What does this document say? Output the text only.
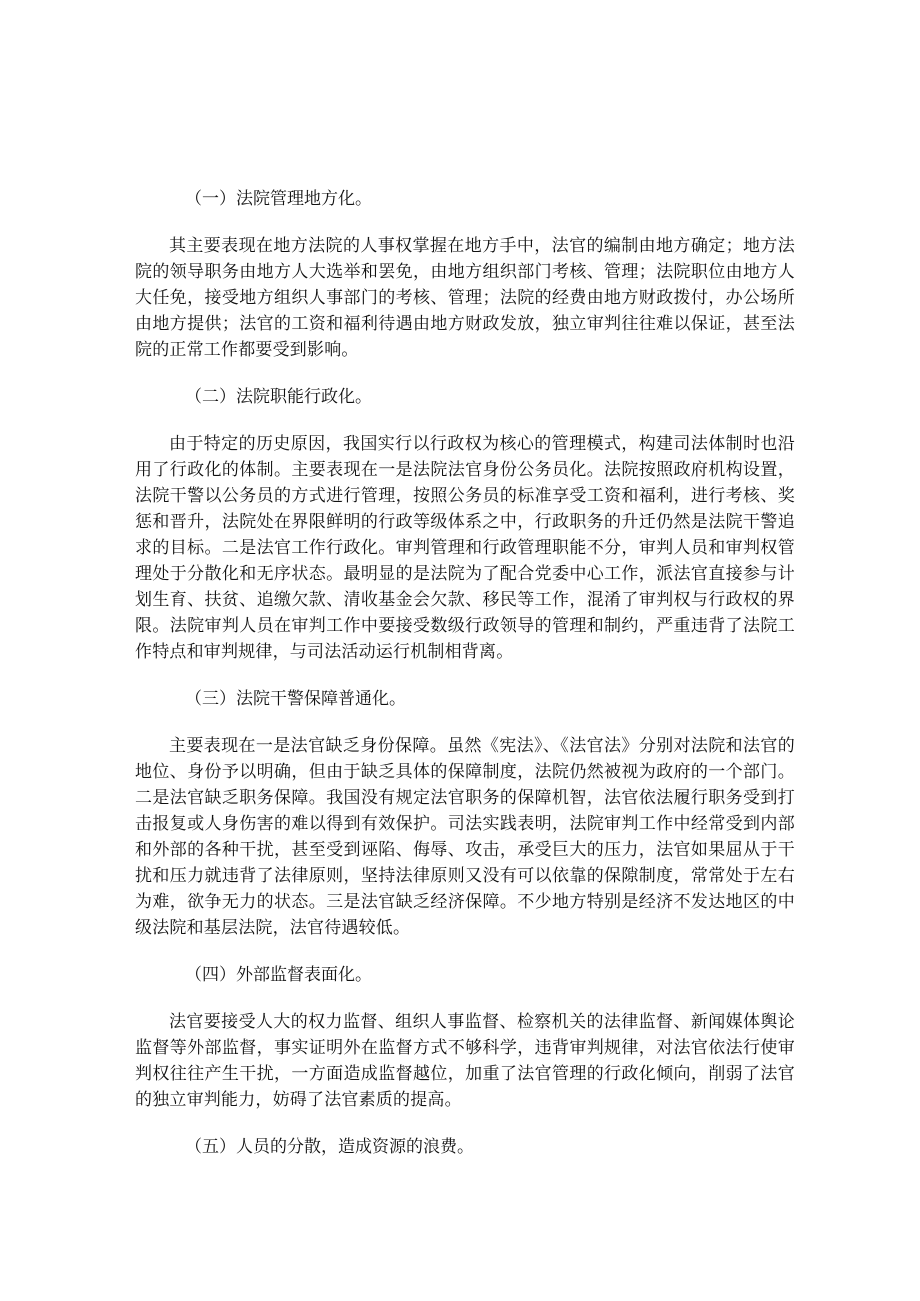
（一）法院管理地方化。

其主要表现在地方法院的人事权掌握在地方手中，法官的编制由地方确定；地方法院的领导职务由地方人大选举和罢免，由地方组织部门考核、管理；法院职位由地方人大任免，接受地方组织人事部门的考核、管理；法院的经费由地方财政拨付，办公场所由地方提供；法官的工资和福利待遇由地方财政发放，独立审判往往难以保证，甚至法院的正常工作都要受到影响。

（二）法院职能行政化。

由于特定的历史原因，我国实行以行政权为核心的管理模式，构建司法体制时也沿用了行政化的体制。主要表现在一是法院法官身份公务员化。法院按照政府机构设置，法院干警以公务员的方式进行管理，按照公务员的标准享受工资和福利，进行考核、奖惩和晋升，法院处在界限鲜明的行政等级体系之中，行政职务的升迁仍然是法院干警追求的目标。二是法官工作行政化。审判管理和行政管理职能不分，审判人员和审判权管理处于分散化和无序状态。最明显的是法院为了配合党委中心工作，派法官直接参与计划生育、扶贫、追缴欠款、清收基金会欠款、移民等工作，混淆了审判权与行政权的界限。法院审判人员在审判工作中要接受数级行政领导的管理和制约，严重违背了法院工作特点和审判规律，与司法活动运行机制相背离。

（三）法院干警保障普通化。

主要表现在一是法官缺乏身份保障。虽然《宪法》、《法官法》分别对法院和法官的地位、身份予以明确，但由于缺乏具体的保障制度，法院仍然被视为政府的一个部门。二是法官缺乏职务保障。我国没有规定法官职务的保障机智，法官依法履行职务受到打击报复或人身伤害的难以得到有效保护。司法实践表明，法院审判工作中经常受到内部和外部的各种干扰，甚至受到诬陷、侮辱、攻击，承受巨大的压力，法官如果屈从于干扰和压力就违背了法律原则，坚持法律原则又没有可以依靠的保隙制度，常常处于左右为难，欲争无力的状态。三是法官缺乏经济保障。不少地方特别是经济不发达地区的中级法院和基层法院，法官待遇较低。

（四）外部监督表面化。

法官要接受人大的权力监督、组织人事监督、检察机关的法律监督、新闻媒体舆论监督等外部监督，事实证明外在监督方式不够科学，违背审判规律，对法官依法行使审判权往往产生干扰，一方面造成监督越位，加重了法官管理的行政化倾向，削弱了法官的独立审判能力，妨碍了法官素质的提高。

（五）人员的分散，造成资源的浪费。
